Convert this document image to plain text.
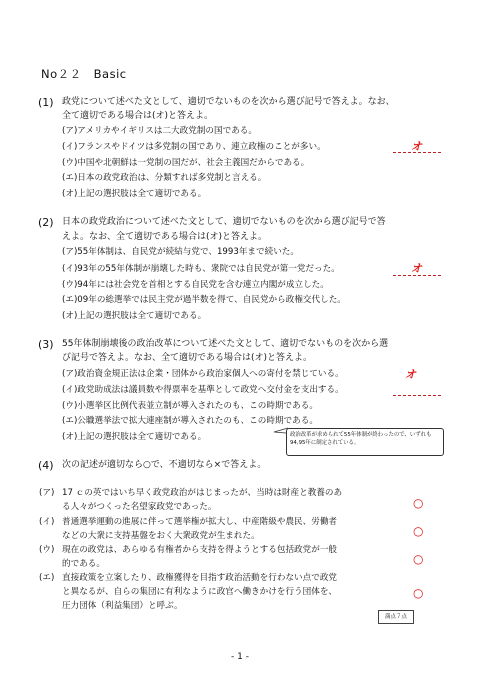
No２２　Basic
(1) 政党について述べた文として、適切でないものを次から選び記号で答えよ。なお、
全て適切である場合は(オ)と答えよ。
(ア)アメリカやイギリスは二大政党制の国である。
(イ)フランスやドイツは多党制の国であり、連立政権のことが多い。
(ウ)中国や北朝鮮は一党制の国だが、社会主義国だからである。
(エ)日本の政党政治は、分類すれば多党制と言える。
(オ)上記の選択肢は全て適切である。
オ
(2) 日本の政党政治について述べた文として、適切でないものを次から選び記号で答
えよ。なお、全て適切である場合は(オ)と答えよ。
(ア)55年体制は、自民党が続結与党で、1993年まで続いた。
(イ)93年の55年体制が崩壊した時も、衆院では自民党が第一党だった。
(ウ)94年には社会党を首相とする自民党を含む連立内閣が成立した。
(エ)09年の総選挙では民主党が過半数を得て、自民党から政権交代した。
(オ)上記の選択肢は全て適切である。
オ
(3) 55年体制崩壊後の政治改革について述べた文として、適切でないものを次から選
び記号で答えよ。なお、全て適切である場合は(オ)と答えよ。
(ア)政治資金規正法は企業・団体から政治家個人への寄付を禁じている。
(イ)政党助成法は議員数や得票率を基準として政党へ交付金を支出する。
(ウ)小選挙区比例代表並立制が導入されたのも、この時期である。
(エ)公職選挙法で拡大連座制が導入されたのも、この時期である。
(オ)上記の選択肢は全て適切である。
オ
政治改革が求められて55年体制が終わったので、いずれも94,95年に制定されている。
(4) 次の記述が適切なら○で、不適切なら×で答えよ。
(ア) 17 ｃの英ではいち早く政党政治がはじまったが、当時は財産と教養のあ
る人々がつくった名望家政党であった。	○
(イ) 普通選挙運動の進展に伴って選挙権が拡大し、中産階級や農民、労働者
などの大衆に支持基盤をおく大衆政党が生まれた。	○
(ウ) 現在の政党は、あらゆる有権者から支持を得ようとする包括政党が一般
的である。	○
(エ) 直接政策を立案したり、政権獲得を目指す政治活動を行わない点で政党
と異なるが、自らの集団に有利なように政官へ働きかけを行う団体を、
圧力団体（利益集団）と呼ぶ。
○
満点７点
- 1 -
